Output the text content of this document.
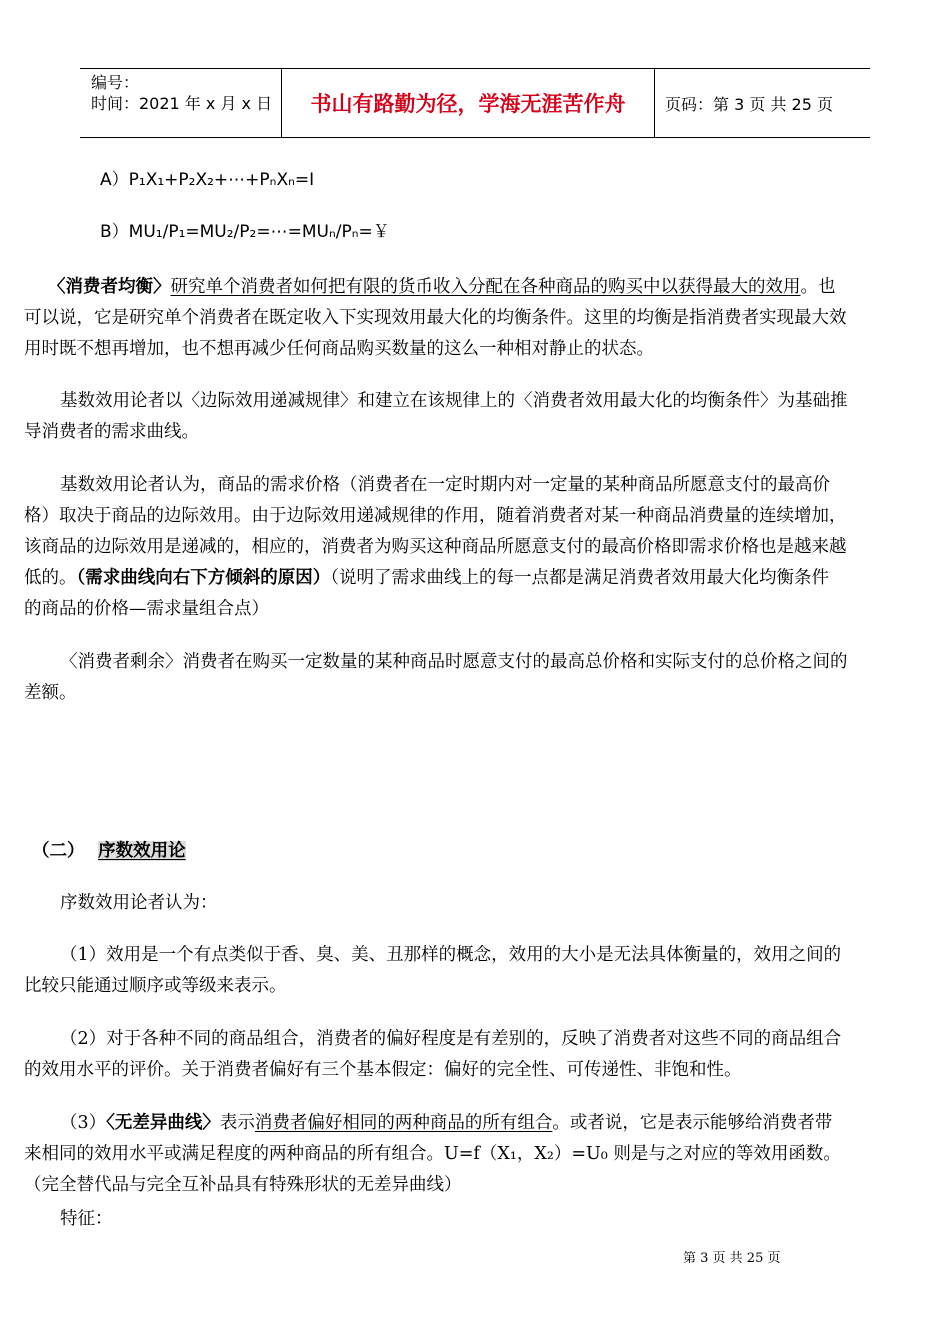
编号：
时间：2021 年 x 月 x 日	书山有路勤为径，学海无涯苦作舟	页码：第 3 页 共 25 页
A）P₁X₁+P₂X₂+⋯+PₙXₙ=I
B）MU₁/P₁=MU₂/P₂=⋯=MUₙ/Pₙ=￥
〈消费者均衡〉研究单个消费者如何把有限的货币收入分配在各种商品的购买中以获得最大的效用。也
可以说，它是研究单个消费者在既定收入下实现效用最大化的均衡条件。这里的均衡是指消费者实现最大效
用时既不想再增加，也不想再减少任何商品购买数量的这么一种相对静止的状态。
基数效用论者以〈边际效用递减规律〉和建立在该规律上的〈消费者效用最大化的均衡条件〉为基础推
导消费者的需求曲线。
基数效用论者认为，商品的需求价格（消费者在一定时期内对一定量的某种商品所愿意支付的最高价
格）取决于商品的边际效用。由于边际效用递减规律的作用，随着消费者对某一种商品消费量的连续增加，
该商品的边际效用是递减的，相应的，消费者为购买这种商品所愿意支付的最高价格即需求价格也是越来越
低的。（需求曲线向右下方倾斜的原因）（说明了需求曲线上的每一点都是满足消费者效用最大化均衡条件
的商品的价格—需求量组合点）
〈消费者剩余〉消费者在购买一定数量的某种商品时愿意支付的最高总价格和实际支付的总价格之间的
差额。
（二） 序数效用论
序数效用论者认为：
（1）效用是一个有点类似于香、臭、美、丑那样的概念，效用的大小是无法具体衡量的，效用之间的
比较只能通过顺序或等级来表示。
（2）对于各种不同的商品组合，消费者的偏好程度是有差别的，反映了消费者对这些不同的商品组合
的效用水平的评价。关于消费者偏好有三个基本假定：偏好的完全性、可传递性、非饱和性。
（3）〈无差异曲线〉表示消费者偏好相同的两种商品的所有组合。或者说，它是表示能够给消费者带
来相同的效用水平或满足程度的两种商品的所有组合。U=f（X₁，X₂）=U₀ 则是与之对应的等效用函数。
（完全替代品与完全互补品具有特殊形状的无差异曲线）
特征：
第 3 页 共 25 页
